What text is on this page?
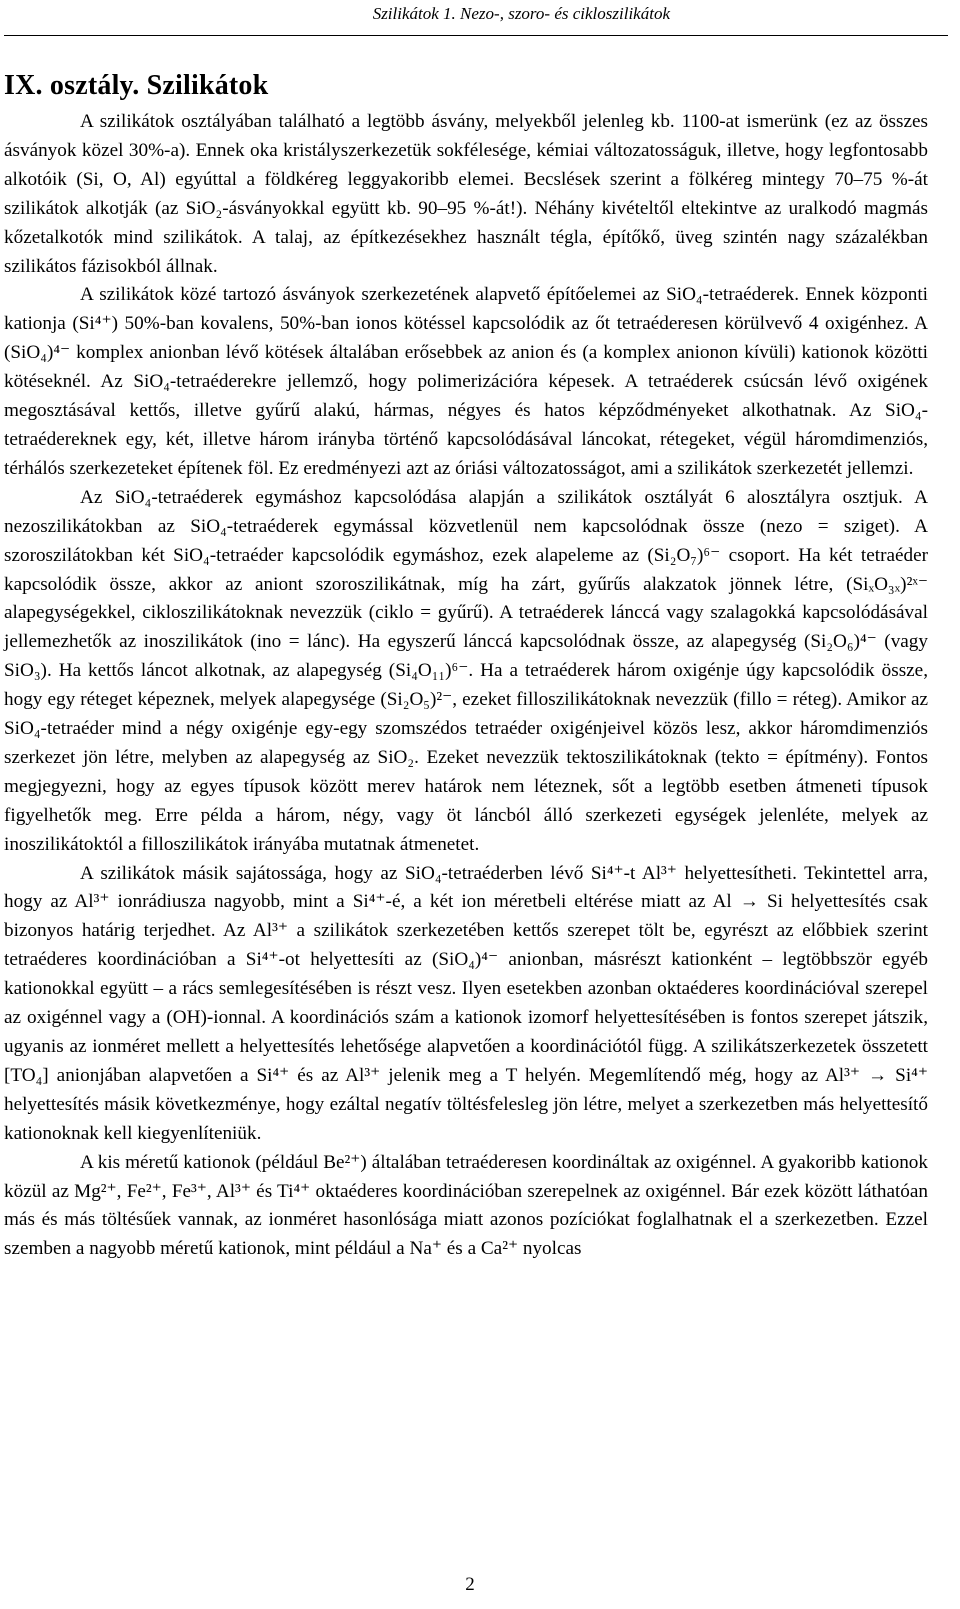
Szilikátok 1. Nezo-, szoro- és cikloszilikátok
IX. osztály. Szilikátok

A szilikátok osztályában található a legtöbb ásvány, melyekből jelenleg kb. 1100-at ismerünk (ez az összes ásványok közel 30%-a). Ennek oka kristályszerkezetük sokfélesége, kémiai változatosságuk, illetve, hogy legfontosabb alkotóik (Si, O, Al) egyúttal a földkéreg leggyakoribb elemei. Becslések szerint a fölkéreg mintegy 70–75 %-át szilikátok alkotják (az SiO₂-ásványokkal együtt kb. 90–95 %-át!). Néhány kivételtől eltekintve az uralkodó magmás kőzetalkotók mind szilikátok. A talaj, az építkezésekhez használt tégla, építőkő, üveg szintén nagy százalékban szilikátos fázisokból állnak.

A szilikátok közé tartozó ásványok szerkezetének alapvető építőelemei az SiO₄-tetraéderek. Ennek központi kationja (Si⁴⁺) 50%-ban kovalens, 50%-ban ionos kötéssel kapcsolódik az őt tetraéderesen körülvevő 4 oxigénhez. A (SiO₄)⁴⁻ komplex anionban lévő kötések általában erősebbek az anion és (a komplex anionon kívüli) kationok közötti kötéseknél. Az SiO₄-tetraéderekre jellemző, hogy polimerizációra képesek. A tetraéderek csúcsán lévő oxigének megosztásával kettős, illetve gyűrű alakú, hármas, négyes és hatos képződményeket alkothatnak. Az SiO₄-tetraédereknek egy, két, illetve három irányba történő kapcsolódásával láncokat, rétegeket, végül háromdimenziós, térhálós szerkezeteket építenek föl. Ez eredményezi azt az óriási változatosságot, ami a szilikátok szerkezetét jellemzi.

Az SiO₄-tetraéderek egymáshoz kapcsolódása alapján a szilikátok osztályát 6 alosztályra osztjuk. A nezoszilikátokban az SiO₄-tetraéderek egymással közvetlenül nem kapcsolódnak össze (nezo = sziget). A szoroszilátokban két SiO₄-tetraéder kapcsolódik egymáshoz, ezek alapeleme az (Si₂O₇)⁶⁻ csoport. Ha két tetraéder kapcsolódik össze, akkor az aniont szoroszilikátnak, míg ha zárt, gyűrűs alakzatok jönnek létre, (SiₓO₃ₓ)²ˣ⁻ alapegységekkel, cikloszilikátoknak nevezzük (ciklo = gyűrű). A tetraéderek lánccá vagy szalagokká kapcsolódásával jellemezhetők az inoszilikátok (ino = lánc). Ha egyszerű lánccá kapcsolódnak össze, az alapegység (Si₂O₆)⁴⁻ (vagy SiO₃). Ha kettős láncot alkotnak, az alapegység (Si₄O₁₁)⁶⁻. Ha a tetraéderek három oxigénje úgy kapcsolódik össze, hogy egy réteget képeznek, melyek alapegysége (Si₂O₅)²⁻, ezeket filloszilikátoknak nevezzük (fillo = réteg). Amikor az SiO₄-tetraéder mind a négy oxigénje egy-egy szomszédos tetraéder oxigénjeivel közös lesz, akkor háromdimenziós szerkezet jön létre, melyben az alapegység az SiO₂. Ezeket nevezzük tektoszilikátoknak (tekto = építmény). Fontos megjegyezni, hogy az egyes típusok között merev határok nem léteznek, sőt a legtöbb esetben átmeneti típusok figyelhetők meg. Erre példa a három, négy, vagy öt láncból álló szerkezeti egységek jelenléte, melyek az inoszilikátoktól a filloszilikátok irányába mutatnak átmenetet.

A szilikátok másik sajátossága, hogy az SiO₄-tetraéderben lévő Si⁴⁺-t Al³⁺ helyettesítheti. Tekintettel arra, hogy az Al³⁺ ionrádiusza nagyobb, mint a Si⁴⁺-é, a két ion méretbeli eltérése miatt az Al → Si helyettesítés csak bizonyos határig terjedhet. Az Al³⁺ a szilikátok szerkezetében kettős szerepet tölt be, egyrészt az előbbiek szerint tetraéderes koordinációban a Si⁴⁺-ot helyettesíti az (SiO₄)⁴⁻ anionban, másrészt kationként – legtöbbször egyéb kationokkal együtt – a rács semlegesítésében is részt vesz. Ilyen esetekben azonban oktaéderes koordinációval szerepel az oxigénnel vagy a (OH)-ionnal. A koordinációs szám a kationok izomorf helyettesítésében is fontos szerepet játszik, ugyanis az ionméret mellett a helyettesítés lehetősége alapvetően a koordinációtól függ. A szilikátszerkezetek összetett [TO₄] anionjában alapvetően a Si⁴⁺ és az Al³⁺ jelenik meg a T helyén. Megemlítendő még, hogy az Al³⁺ → Si⁴⁺ helyettesítés másik következménye, hogy ezáltal negatív töltésfelesleg jön létre, melyet a szerkezetben más helyettesítő kationoknak kell kiegyenlíteniük.

A kis méretű kationok (például Be²⁺) általában tetraéderesen koordináltak az oxigénnel. A gyakoribb kationok közül az Mg²⁺, Fe²⁺, Fe³⁺, Al³⁺ és Ti⁴⁺ oktaéderes koordinációban szerepelnek az oxigénnel. Bár ezek között láthatóan más és más töltésűek vannak, az ionméret hasonlósága miatt azonos pozíciókat foglalhatnak el a szerkezetben. Ezzel szemben a nagyobb méretű kationok, mint például a Na⁺ és a Ca²⁺ nyolcas

2
